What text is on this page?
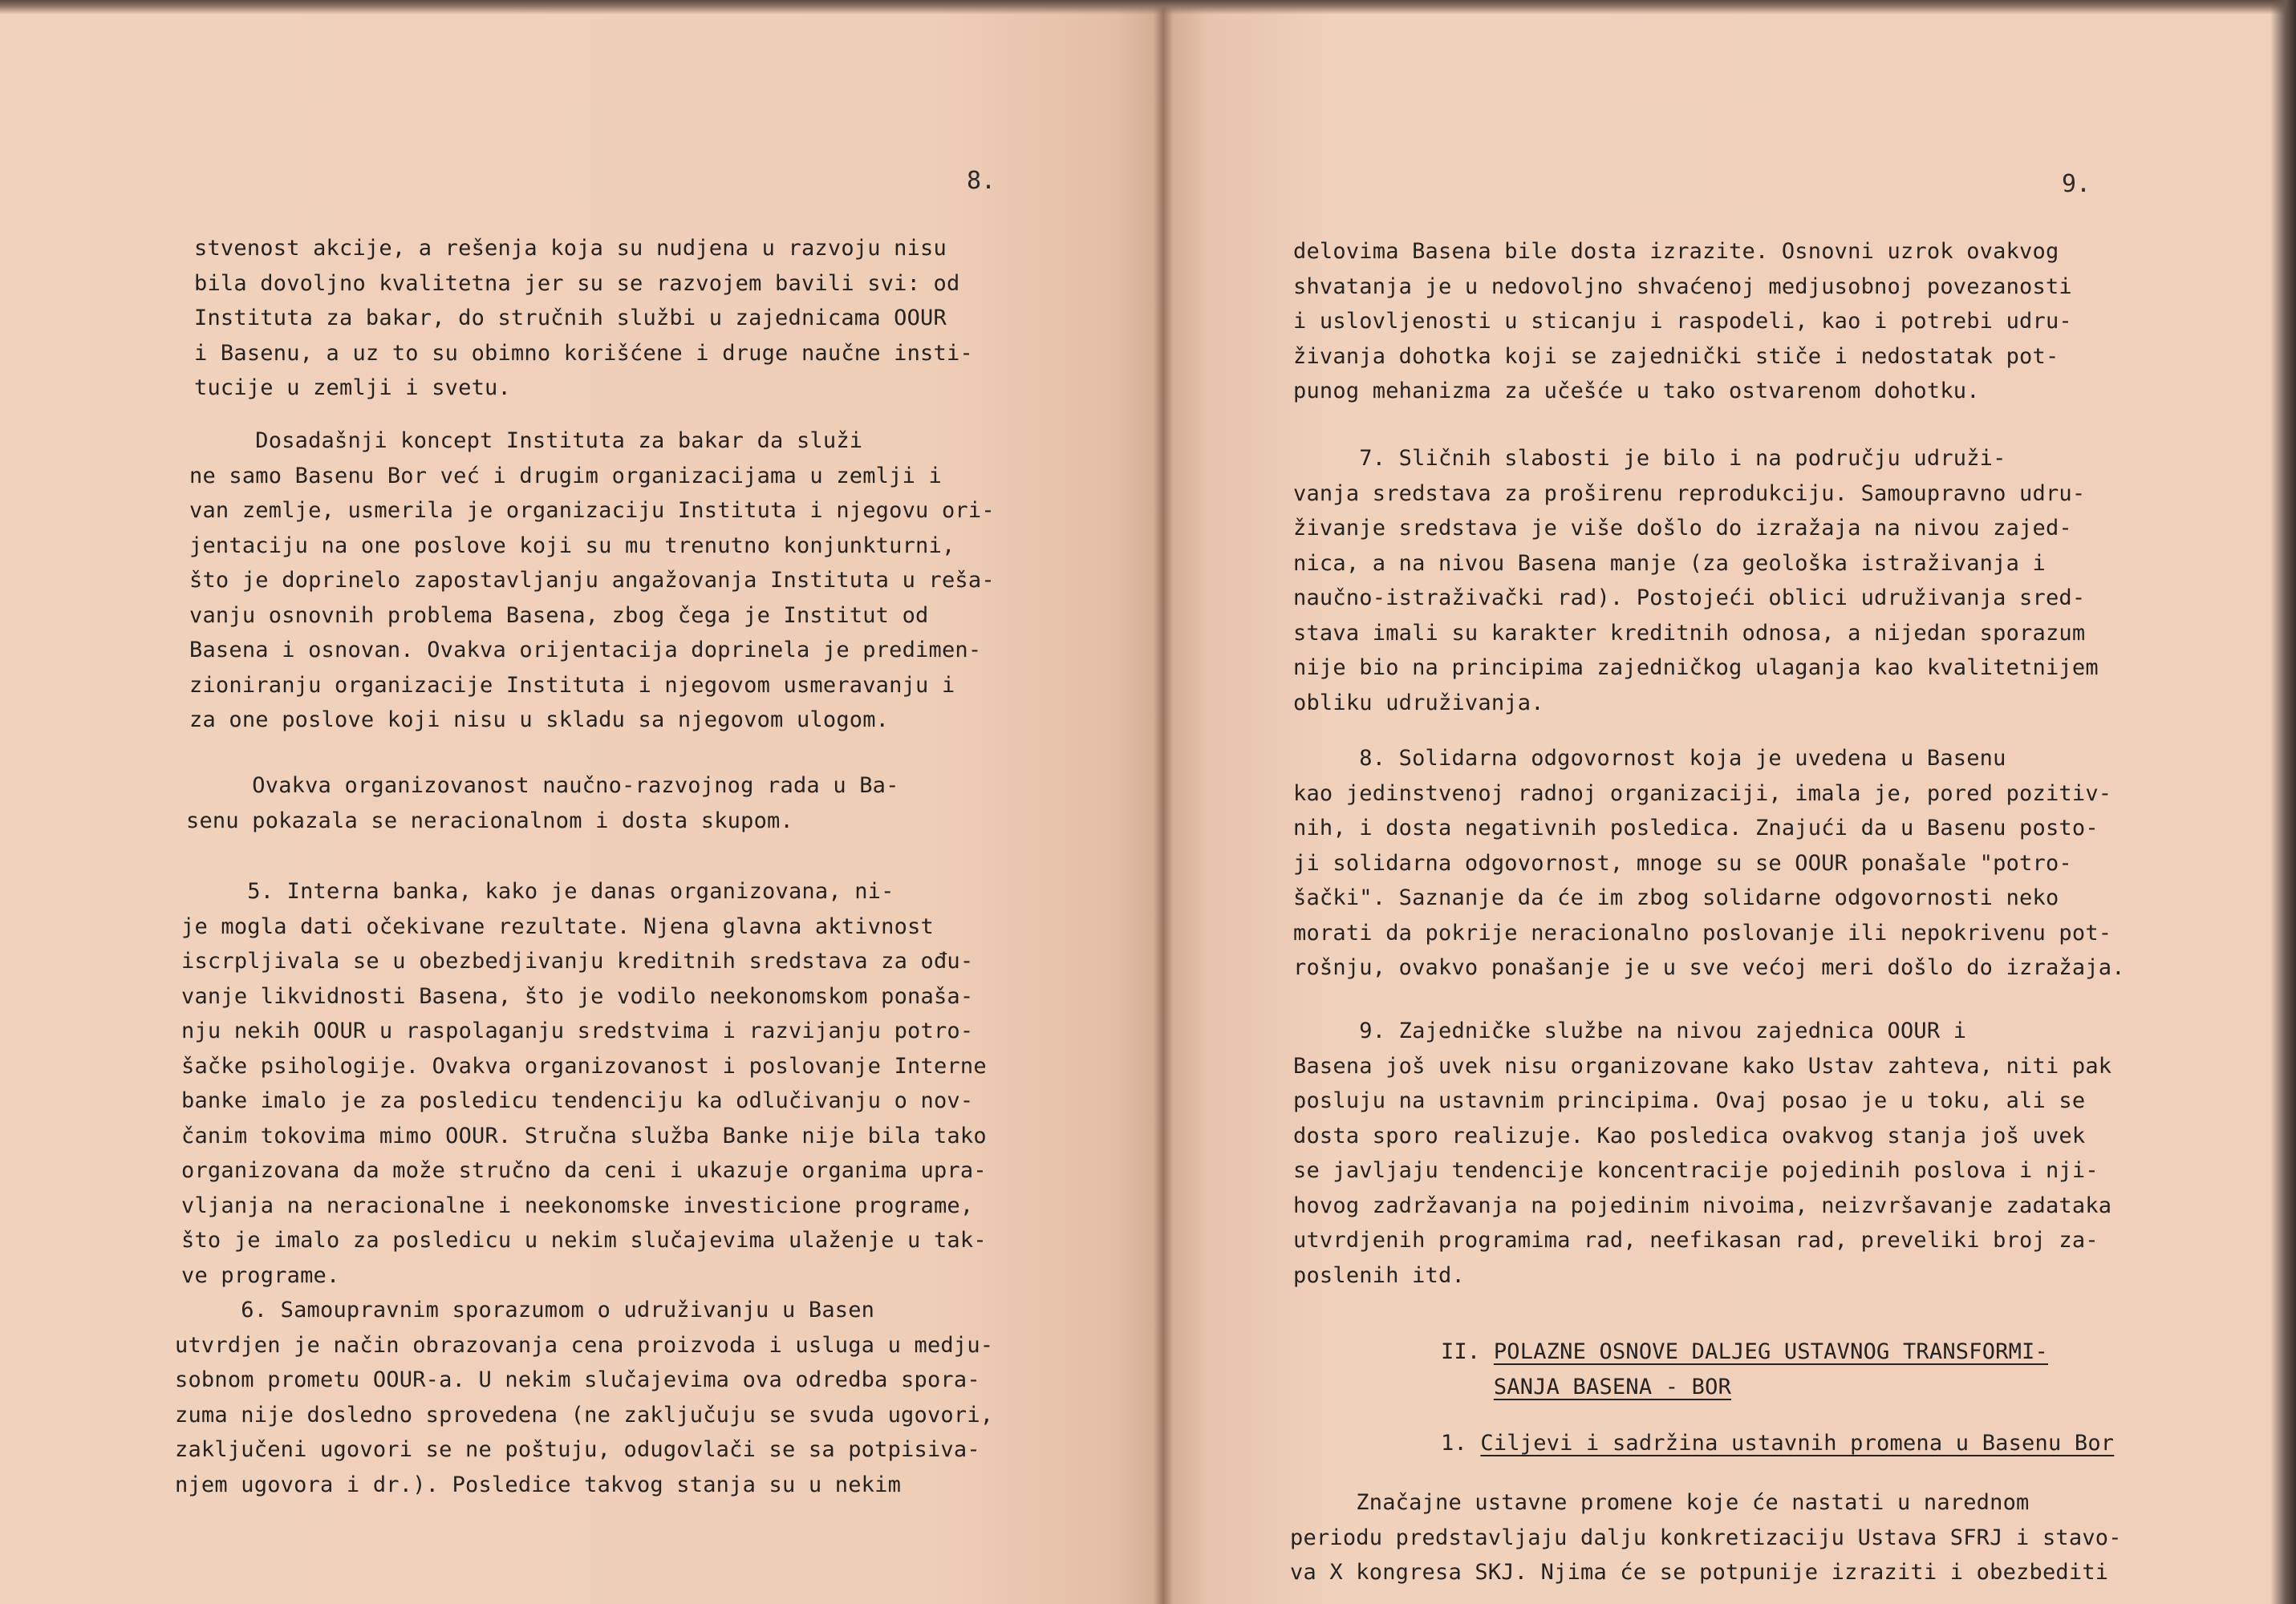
8.
stvenost akcije, a rešenja koja su nudjena u razvoju nisu
bila dovoljno kvalitetna jer su se razvojem bavili svi: od
Instituta za bakar, do stručnih službi u zajednicama OOUR
i Basenu, a uz to su obimno korišćene i druge naučne insti-
tucije u zemlji i svetu.
Dosadašnji koncept Instituta za bakar da služi
ne samo Basenu Bor već i drugim organizacijama u zemlji i
van zemlje, usmerila je organizaciju Instituta i njegovu ori-
jentaciju na one poslove koji su mu trenutno konjunkturni,
što je doprinelo zapostavljanju angažovanja Instituta u reša-
vanju osnovnih problema Basena, zbog čega je Institut od
Basena i osnovan. Ovakva orijentacija doprinela je predimen-
zioniranju organizacije Instituta i njegovom usmeravanju i
za one poslove koji nisu u skladu sa njegovom ulogom.
Ovakva organizovanost naučno-razvojnog rada u Ba-
senu pokazala se neracionalnom i dosta skupom.
5. Interna banka, kako je danas organizovana, ni-
je mogla dati očekivane rezultate. Njena glavna aktivnost
iscrpljivala se u obezbedjivanju kreditnih sredstava za ođu-
vanje likvidnosti Basena, što je vodilo neekonomskom ponaša-
nju nekih OOUR u raspolaganju sredstvima i razvijanju potro-
šačke psihologije. Ovakva organizovanost i poslovanje Interne
banke imalo je za posledicu tendenciju ka odlučivanju o nov-
čanim tokovima mimo OOUR. Stručna služba Banke nije bila tako
organizovana da može stručno da ceni i ukazuje organima upra-
vljanja na neracionalne i neekonomske investicione programe,
što je imalo za posledicu u nekim slučajevima ulaženje u tak-
ve programe.
6. Samoupravnim sporazumom o udruživanju u Basen
utvrdjen je način obrazovanja cena proizvoda i usluga u medju-
sobnom prometu OOUR-a. U nekim slučajevima ova odredba spora-
zuma nije dosledno sprovedena (ne zaključuju se svuda ugovori,
zaključeni ugovori se ne poštuju, odugovlači se sa potpisiva-
njem ugovora i dr.). Posledice takvog stanja su u nekim
9.
delovima Basena bile dosta izrazite. Osnovni uzrok ovakvog
shvatanja je u nedovoljno shvaćenoj medjusobnoj povezanosti
i uslovljenosti u sticanju i raspodeli, kao i potrebi udru-
živanja dohotka koji se zajednički stiče i nedostatak pot-
punog mehanizma za učešće u tako ostvarenom dohotku.
7. Sličnih slabosti je bilo i na području udruži-
vanja sredstava za proširenu reprodukciju. Samoupravno udru-
živanje sredstava je više došlo do izražaja na nivou zajed-
nica, a na nivou Basena manje (za geološka istraživanja i
naučno-istraživački rad). Postojeći oblici udruživanja sred-
stava imali su karakter kreditnih odnosa, a nijedan sporazum
nije bio na principima zajedničkog ulaganja kao kvalitetnijem
obliku udruživanja.
8. Solidarna odgovornost koja je uvedena u Basenu
kao jedinstvenoj radnoj organizaciji, imala je, pored pozitiv-
nih, i dosta negativnih posledica. Znajući da u Basenu posto-
ji solidarna odgovornost, mnoge su se OOUR ponašale "potro-
šački". Saznanje da će im zbog solidarne odgovornosti neko
morati da pokrije neracionalno poslovanje ili nepokrivenu pot-
rošnju, ovakvo ponašanje je u sve većoj meri došlo do izražaja.
9. Zajedničke službe na nivou zajednica OOUR i
Basena još uvek nisu organizovane kako Ustav zahteva, niti pak
posluju na ustavnim principima. Ovaj posao je u toku, ali se
dosta sporo realizuje. Kao posledica ovakvog stanja još uvek
se javljaju tendencije koncentracije pojedinih poslova i nji-
hovog zadržavanja na pojedinim nivoima, neizvršavanje zadataka
utvrdjenih programima rad, neefikasan rad, preveliki broj za-
poslenih itd.
II. POLAZNE OSNOVE DALJEG USTAVNOG TRANSFORMI-
SANJA BASENA - BOR
1. Ciljevi i sadržina ustavnih promena u Basenu Bor
Značajne ustavne promene koje će nastati u narednom
periodu predstavljaju dalju konkretizaciju Ustava SFRJ i stavo-
va X kongresa SKJ. Njima će se potpunije izraziti i obezbediti
